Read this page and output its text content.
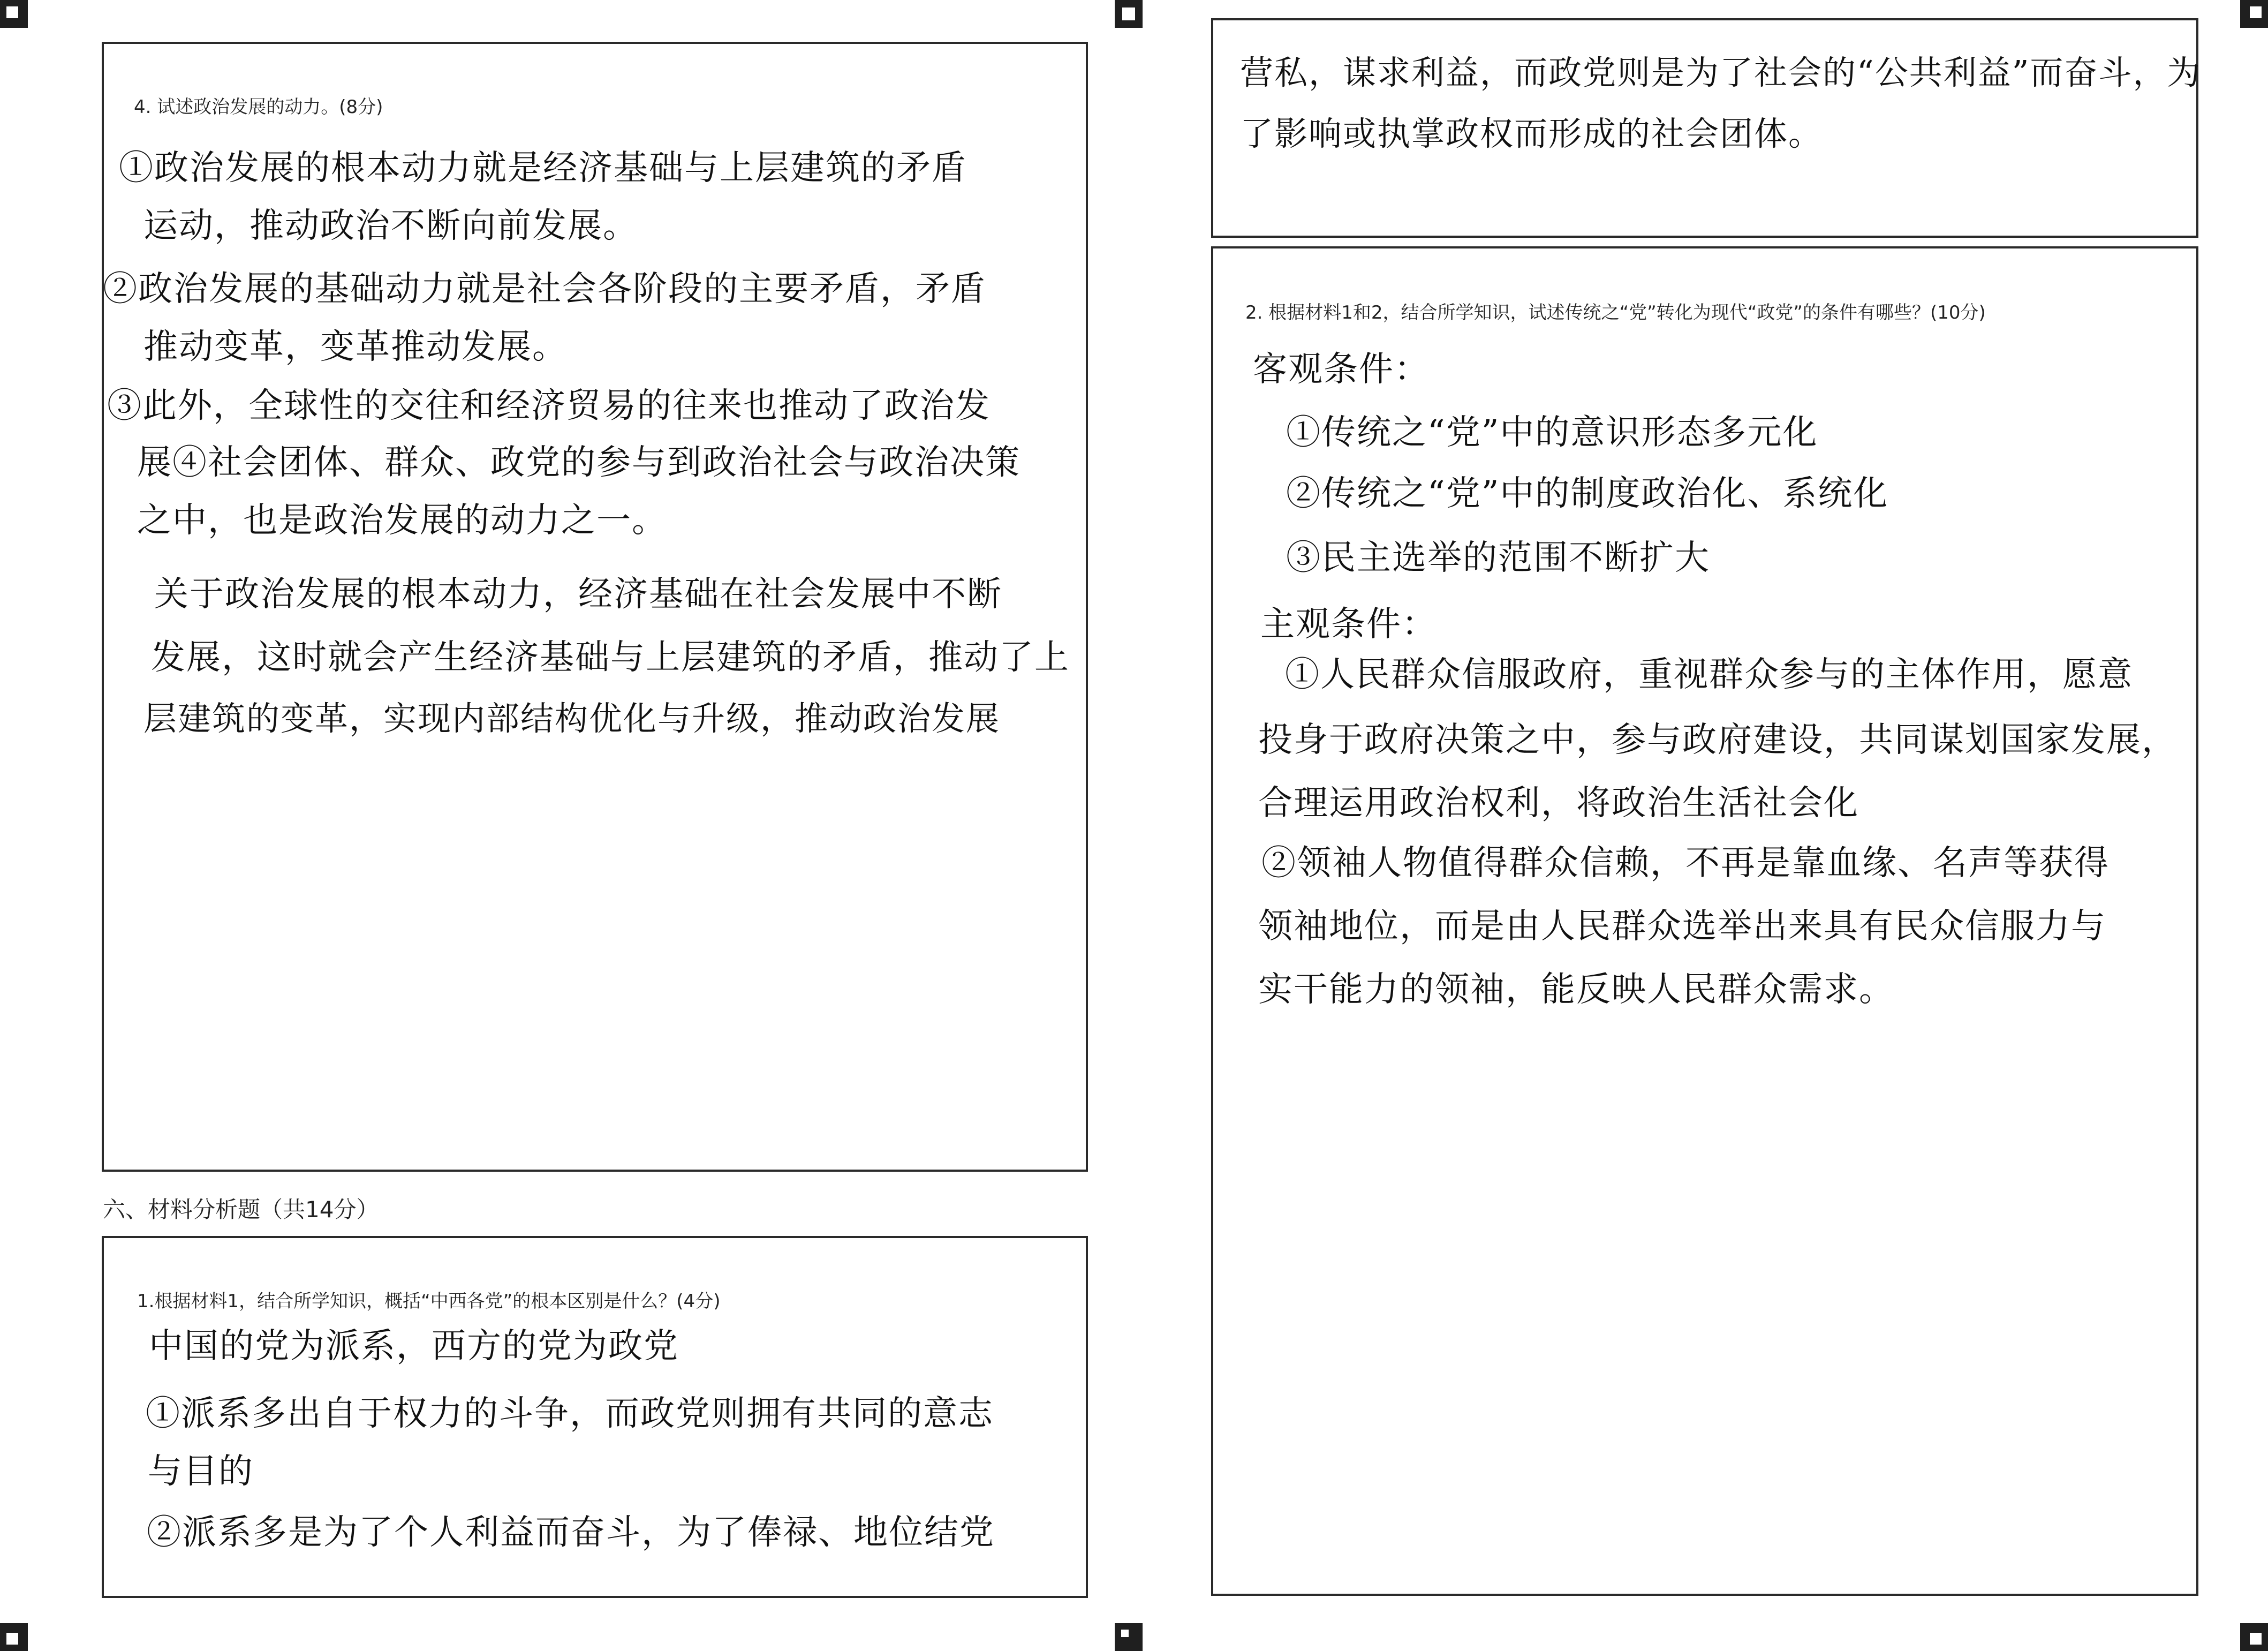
4. 试述政治发展的动力。(8分)
①政治发展的根本动力就是经济基础与上层建筑的矛盾
运动，推动政治不断向前发展。
②政治发展的基础动力就是社会各阶段的主要矛盾，矛盾
推动变革，变革推动发展。
③此外，全球性的交往和经济贸易的往来也推动了政治发
展④社会团体、群众、政党的参与到政治社会与政治决策
之中，也是政治发展的动力之一。
关于政治发展的根本动力，经济基础在社会发展中不断
发展，这时就会产生经济基础与上层建筑的矛盾，推动了上
层建筑的变革，实现内部结构优化与升级，推动政治发展
六、材料分析题（共14分）
1.根据材料1，结合所学知识，概括“中西各党”的根本区别是什么？(4分)
中国的党为派系，西方的党为政党
①派系多出自于权力的斗争，而政党则拥有共同的意志
与目的
②派系多是为了个人利益而奋斗，为了俸禄、地位结党
营私，谋求利益，而政党则是为了社会的“公共利益”而奋斗，为
了影响或执掌政权而形成的社会团体。
2. 根据材料1和2，结合所学知识，试述传统之“党”转化为现代“政党”的条件有哪些？(10分)
客观条件：
①传统之“党”中的意识形态多元化
②传统之“党”中的制度政治化、系统化
③民主选举的范围不断扩大
主观条件：
①人民群众信服政府，重视群众参与的主体作用，愿意
投身于政府决策之中，参与政府建设，共同谋划国家发展，
合理运用政治权利，将政治生活社会化
②领袖人物值得群众信赖，不再是靠血缘、名声等获得
领袖地位，而是由人民群众选举出来具有民众信服力与
实干能力的领袖，能反映人民群众需求。
